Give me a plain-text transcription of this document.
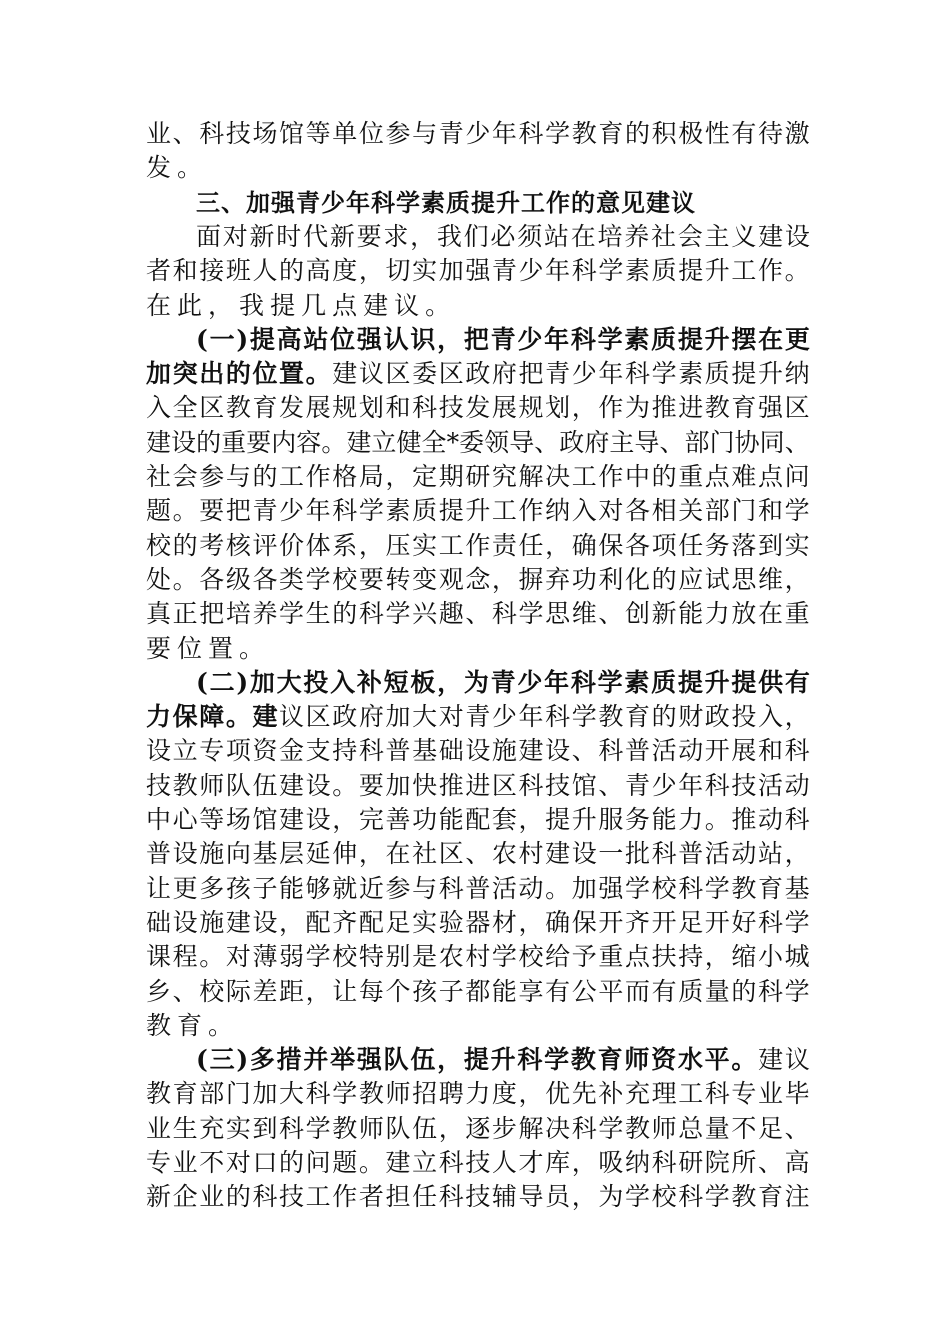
业 、 科 技 场 馆 等 单 位 参 与 青 少 年 科 学 教 育 的 积 极 性 有 待 激
发 。
三、加强青少年科学素质提升工作的意见建议
面 对 新 时 代 新 要 求 ， 我 们 必 须 站 在 培 养 社 会 主 义 建 设
者 和 接 班 人 的 高 度 ， 切 实 加 强 青 少 年 科 学 素 质 提 升 工 作 。
在 此 ， 我 提 几 点 建 议 。
( 一 ) 提 高 站 位 强 认 识 ， 把 青 少 年 科 学 素 质 提 升 摆 在 更
加 突 出 的 位 置 。 建 议 区 委 区 政 府 把 青 少 年 科 学 素 质 提 升 纳
入 全 区 教 育 发 展 规 划 和 科 技 发 展 规 划 ， 作 为 推 进 教 育 强 区
建 设 的 重 要 内 容 。 建 立 健 全 * 委 领 导 、 政 府 主 导 、 部 门 协 同 、
社 会 参 与 的 工 作 格 局 ， 定 期 研 究 解 决 工 作 中 的 重 点 难 点 问
题 。 要 把 青 少 年 科 学 素 质 提 升 工 作 纳 入 对 各 相 关 部 门 和 学
校 的 考 核 评 价 体 系 ， 压 实 工 作 责 任 ， 确 保 各 项 任 务 落 到 实
处 。 各 级 各 类 学 校 要 转 变 观 念 ， 摒 弃 功 利 化 的 应 试 思 维 ，
真 正 把 培 养 学 生 的 科 学 兴 趣 、 科 学 思 维 、 创 新 能 力 放 在 重
要 位 置 。
( 二 ) 加 大 投 入 补 短 板 ， 为 青 少 年 科 学 素 质 提 升 提 供 有
力 保 障 。 建 议 区 政 府 加 大 对 青 少 年 科 学 教 育 的 财 政 投 入 ，
设 立 专 项 资 金 支 持 科 普 基 础 设 施 建 设 、 科 普 活 动 开 展 和 科
技 教 师 队 伍 建 设 。 要 加 快 推 进 区 科 技 馆 、 青 少 年 科 技 活 动
中 心 等 场 馆 建 设 ， 完 善 功 能 配 套 ， 提 升 服 务 能 力 。 推 动 科
普 设 施 向 基 层 延 伸 ， 在 社 区 、 农 村 建 设 一 批 科 普 活 动 站 ，
让 更 多 孩 子 能 够 就 近 参 与 科 普 活 动 。 加 强 学 校 科 学 教 育 基
础 设 施 建 设 ， 配 齐 配 足 实 验 器 材 ， 确 保 开 齐 开 足 开 好 科 学
课 程 。 对 薄 弱 学 校 特 别 是 农 村 学 校 给 予 重 点 扶 持 ， 缩 小 城
乡 、 校 际 差 距 ， 让 每 个 孩 子 都 能 享 有 公 平 而 有 质 量 的 科 学
教 育 。
( 三 ) 多 措 并 举 强 队 伍 ， 提 升 科 学 教 育 师 资 水 平 。 建 议
教 育 部 门 加 大 科 学 教 师 招 聘 力 度 ， 优 先 补 充 理 工 科 专 业 毕
业 生 充 实 到 科 学 教 师 队 伍 ， 逐 步 解 决 科 学 教 师 总 量 不 足 、
专 业 不 对 口 的 问 题 。 建 立 科 技 人 才 库 ， 吸 纳 科 研 院 所 、 高
新 企 业 的 科 技 工 作 者 担 任 科 技 辅 导 员 ， 为 学 校 科 学 教 育 注
